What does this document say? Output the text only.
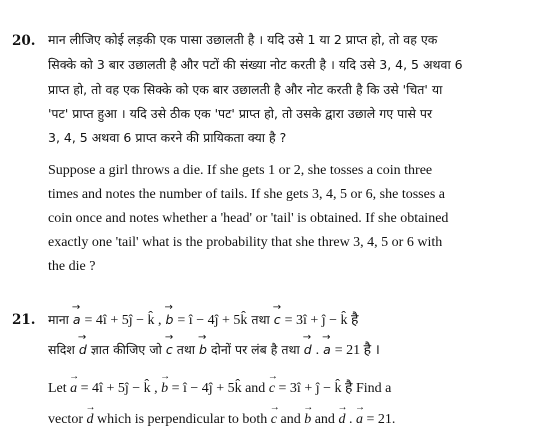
20. मान लीजिए कोई लड़की एक पासा उछालती है । यदि उसे 1 या 2 प्राप्त हो, तो वह एक
सिक्के को 3 बार उछालती है और पटों की संख्या नोट करती है । यदि उसे 3, 4, 5 अथवा 6
प्राप्त हो, तो वह एक सिक्के को एक बार उछालती है और नोट करती है कि उसे 'चित' या
'पट' प्राप्त हुआ । यदि उसे ठीक एक 'पट' प्राप्त हो, तो उसके द्वारा उछाले गए पासे पर
3, 4, 5 अथवा 6 प्राप्त करने की प्रायिकता क्या है ?
Suppose a girl throws a die. If she gets 1 or 2, she tosses a coin three
times and notes the number of tails. If she gets 3, 4, 5 or 6, she tosses a
coin once and notes whether a 'head' or 'tail' is obtained. If she obtained
exactly one 'tail' what is the probability that she threw 3, 4, 5 or 6 with
the die ?
21. माना → a = 4î + 5ĵ − k̂ , → b = î − 4ĵ + 5k̂ तथा → c = 3î + ĵ − k̂ है
सदिश → d ज्ञात कीजिए जो → c तथा → b दोनों पर लंब है तथा → d . → a = 21 है ।
Let → a = 4î + 5ĵ − k̂ , → b = î − 4ĵ + 5k̂ and → c = 3î + ĵ − k̂ है Find a
vector → d which is perpendicular to both → c and → b and → d . → a = 21.
